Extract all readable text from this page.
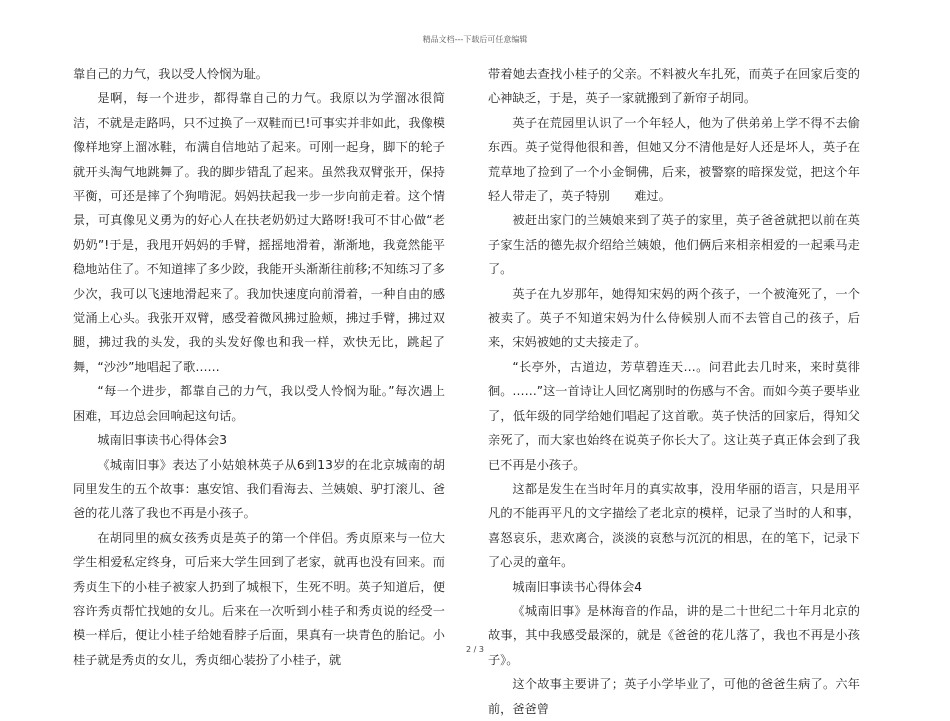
精品文档---下载后可任意编辑

靠自己的力气，我以受人怜悯为耻。

是啊，每一个进步，都得靠自己的力气。我原以为学溜冰很简洁，不就是走路吗，只不过换了一双鞋而已!可事实并非如此，我像模像样地穿上溜冰鞋，布满自信地站了起来。可刚一起身，脚下的轮子就开头淘气地跳舞了。我的脚步错乱了起来。虽然我双臂张开，保持平衡，可还是摔了个狗啃泥。妈妈扶起我一步一步向前走着。这个情景，可真像见义勇为的好心人在扶老奶奶过大路呀!我可不甘心做“老奶奶”!于是，我甩开妈妈的手臂，摇摇地滑着，渐渐地，我竟然能平稳地站住了。不知道摔了多少跤，我能开头渐渐往前移;不知练习了多少次，我可以飞速地滑起来了。我加快速度向前滑着，一种自由的感觉涌上心头。我张开双臂，感受着微风拂过脸颊，拂过手臂，拂过双腿，拂过我的头发，我的头发好像也和我一样，欢快无比，跳起了舞，“沙沙”地唱起了歌……

“每一个进步，都靠自己的力气，我以受人怜悯为耻。”每次遇上困难，耳边总会回响起这句话。

城南旧事读书心得体会3

《城南旧事》表达了小姑娘林英子从6到13岁的在北京城南的胡同里发生的五个故事：惠安馆、我们看海去、兰姨娘、驴打滚儿、爸爸的花儿落了我也不再是小孩子。

在胡同里的疯女孩秀贞是英子的第一个伴侣。秀贞原来与一位大学生相爱私定终身，可后来大学生回到了老家，就再也没有回来。而秀贞生下的小桂子被家人扔到了城根下，生死不明。英子知道后，便容许秀贞帮忙找她的女儿。后来在一次听到小桂子和秀贞说的经受一模一样后，便让小桂子给她看脖子后面，果真有一块青色的胎记。小桂子就是秀贞的女儿，秀贞细心装扮了小桂子，就

带着她去查找小桂子的父亲。不料被火车扎死，而英子在回家后变的心神缺乏，于是，英子一家就搬到了新帘子胡同。

英子在荒园里认识了一个年轻人，他为了供弟弟上学不得不去偷东西。英子觉得他很和善，但她又分不清他是好人还是坏人，英子在荒草地了捡到了一个小金铜佛，后来，被警察的暗探发觉，把这个年轻人带走了，英子特别　　难过。

被赶出家门的兰姨娘来到了英子的家里，英子爸爸就把以前在英子家生活的德先叔介绍给兰姨娘，他们俩后来相亲相爱的一起乘马走了。

英子在九岁那年，她得知宋妈的两个孩子，一个被淹死了，一个被卖了。英子不知道宋妈为什么侍候别人而不去管自己的孩子，后来，宋妈被她的丈夫接走了。

“长亭外，古道边，芳草碧连天…。问君此去几时来，来时莫徘徊。……”这一首诗让人回忆离别时的伤感与不舍。而如今英子要毕业了，低年级的同学给她们唱起了这首歌。英子快活的回家后，得知父亲死了，而大家也始终在说英子你长大了。这让英子真正体会到了我已不再是小孩子。

这都是发生在当时年月的真实故事，没用华丽的语言，只是用平凡的不能再平凡的文字描绘了老北京的模样，记录了当时的人和事，喜怒哀乐，悲欢离合，淡淡的哀愁与沉沉的相思，在的笔下，记录下了心灵的童年。

城南旧事读书心得体会4

《城南旧事》是林海音的作品，讲的是二十世纪二十年月北京的故事，其中我感受最深的，就是《爸爸的花儿落了，我也不再是小孩子》。

这个故事主要讲了；英子小学毕业了，可他的爸爸生病了。六年前，爸爸曾

2 / 3
